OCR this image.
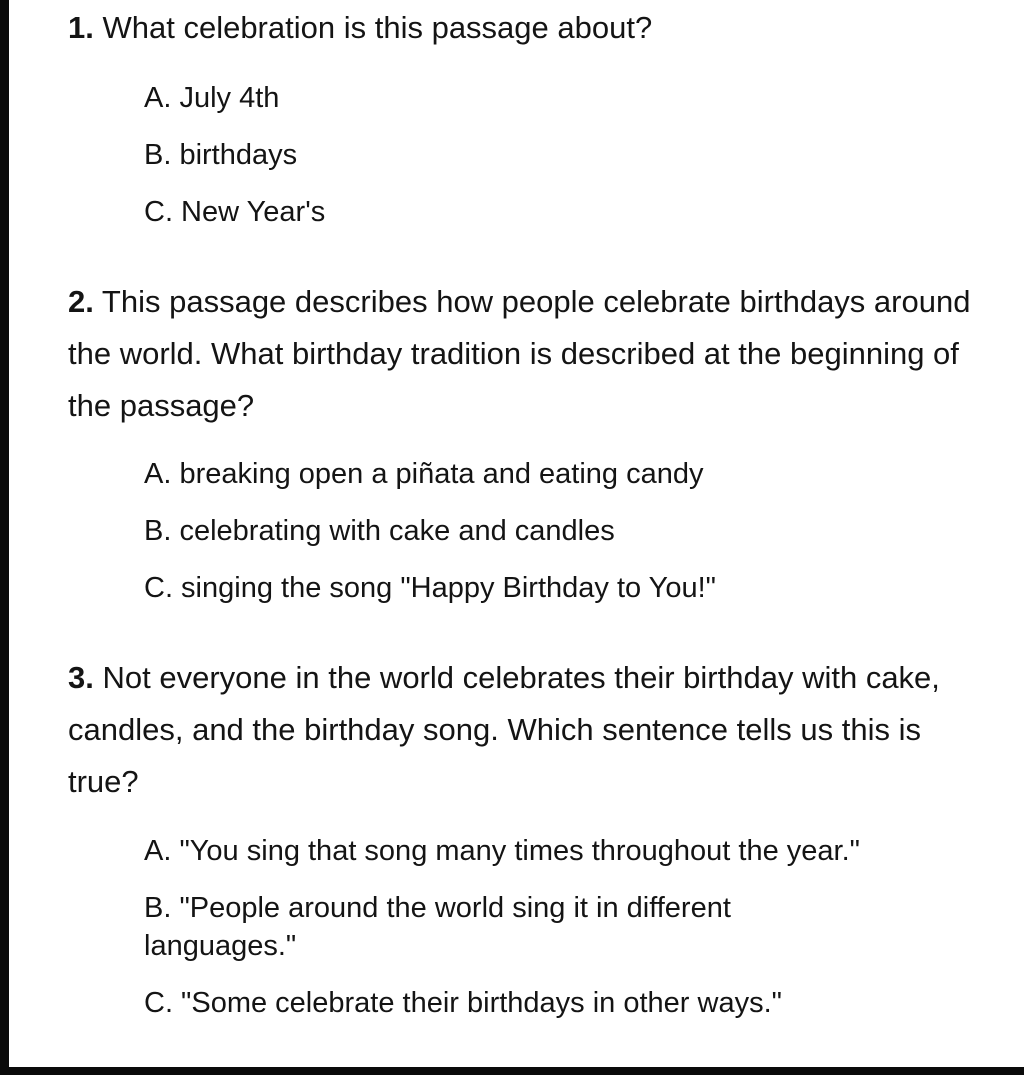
1. What celebration is this passage about?

A. July 4th
B. birthdays
C. New Year's

2. This passage describes how people celebrate birthdays around the world. What birthday tradition is described at the beginning of the passage?

A. breaking open a piñata and eating candy
B. celebrating with cake and candles
C. singing the song "Happy Birthday to You!"

3. Not everyone in the world celebrates their birthday with cake, candles, and the birthday song. Which sentence tells us this is true?

A. "You sing that song many times throughout the year."
B. "People around the world sing it in different languages."
C. "Some celebrate their birthdays in other ways."
